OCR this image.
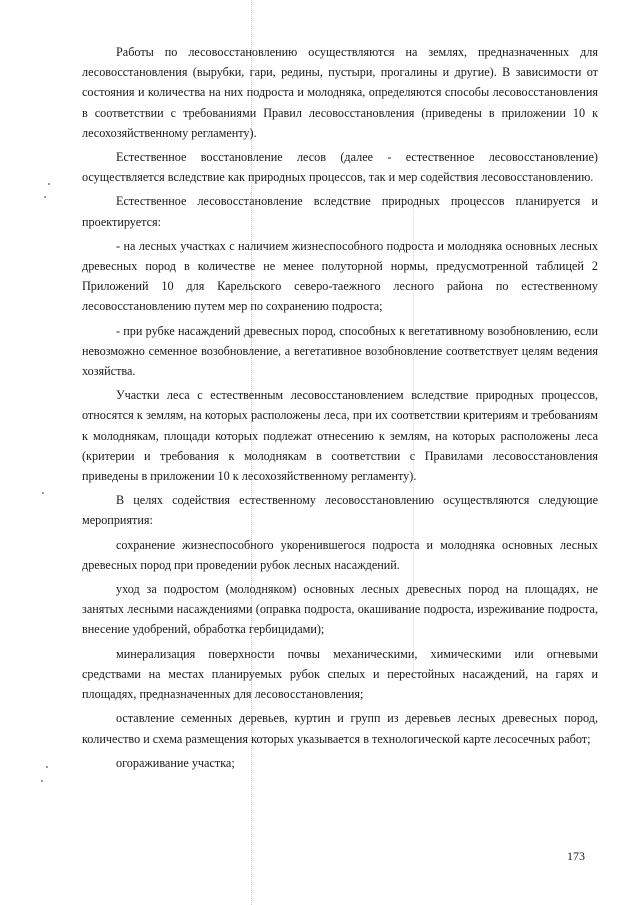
Работы по лесовосстановлению осуществляются на землях, предназначенных для лесовосстановления (вырубки, гари, редины, пустыри, прогалины и другие). В зависимости от состояния и количества на них подроста и молодняка, определяются способы лесовосстановления в соответствии с требованиями Правил лесовосстановления (приведены в приложении 10 к лесохозяйственному регламенту).

Естественное восстановление лесов (далее - естественное лесовосстановление) осуществляется вследствие как природных процессов, так и мер содействия лесовосстановлению.

Естественное лесовосстановление вследствие природных процессов планируется и проектируется:

- на лесных участках с наличием жизнеспособного подроста и молодняка основных лесных древесных пород в количестве не менее полуторной нормы, предусмотренной таблицей 2 Приложений 10 для Карельского северо-таежного лесного района по естественному лесовосстановлению путем мер по сохранению подроста;

- при рубке насаждений древесных пород, способных к вегетативному возобновлению, если невозможно семенное возобновление, а вегетативное возобновление соответствует целям ведения хозяйства.

Участки леса с естественным лесовосстановлением вследствие природных процессов, относятся к землям, на которых расположены леса, при их соответствии критериям и требованиям к молоднякам, площади которых подлежат отнесению к землям, на которых расположены леса (критерии и требования к молоднякам в соответствии с Правилами лесовосстановления приведены в приложении 10 к лесохозяйственному регламенту).

В целях содействия естественному лесовосстановлению осуществляются следующие мероприятия:

сохранение жизнеспособного укоренившегося подроста и молодняка основных лесных древесных пород при проведении рубок лесных насаждений.

уход за подростом (молодняком) основных лесных древесных пород на площадях, не занятых лесными насаждениями (оправка подроста, окашивание подроста, изреживание подроста, внесение удобрений, обработка гербицидами);

минерализация поверхности почвы механическими, химическими или огневыми средствами на местах планируемых рубок спелых и перестойных насаждений, на гарях и площадях, предназначенных для лесовосстановления;

оставление семенных деревьев, куртин и групп из деревьев лесных древесных пород, количество и схема размещения которых указывается в технологической карте лесосечных работ;

огораживание участка;

173
